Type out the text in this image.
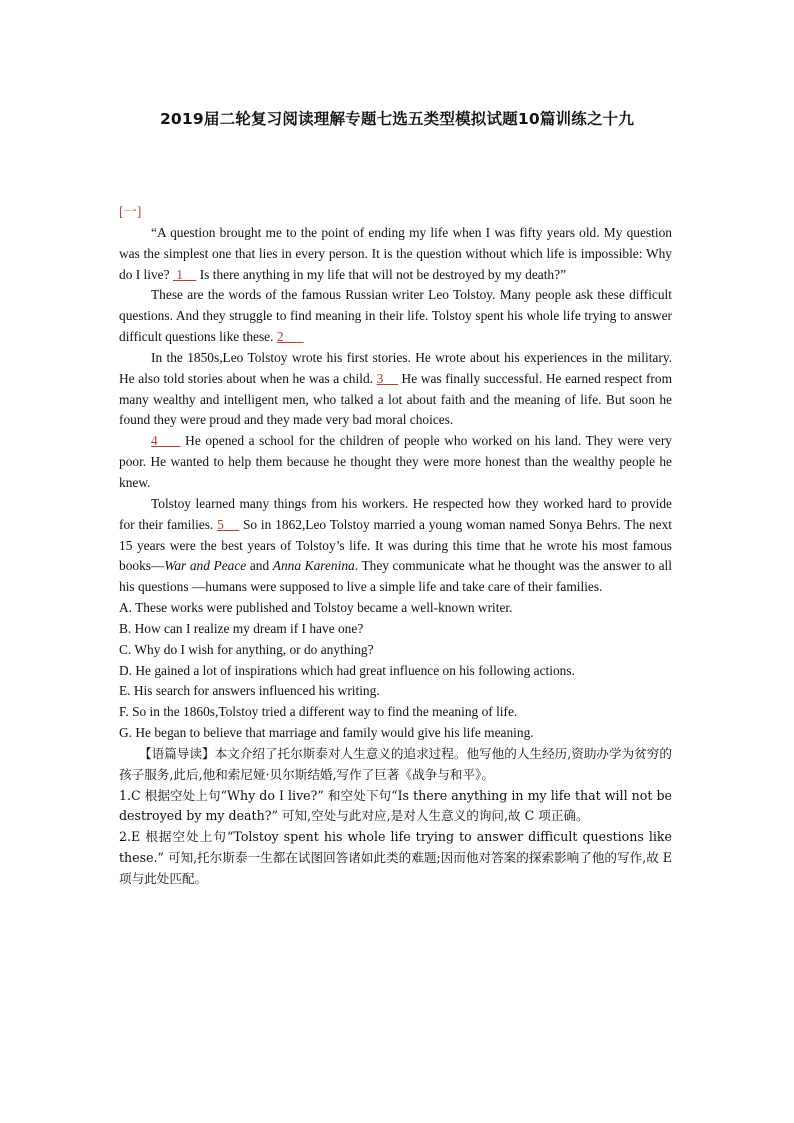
2019届二轮复习阅读理解专题七选五类型模拟试题10篇训练之十九
[一]

“A question brought me to the point of ending my life when I was fifty years old. My question was the simplest one that lies in every person. It is the question without which life is impossible: Why do I live?  1     Is there anything in my life that will not be destroyed by my death?”

These are the words of the famous Russian writer Leo Tolstoy. Many people ask these difficult questions. And they struggle to find meaning in their life. Tolstoy spent his whole life trying to answer difficult questions like these. 2

In the 1850s,Leo Tolstoy wrote his first stories. He wrote about his experiences in the military. He also told stories about when he was a child. 3     He was finally successful. He earned respect from many wealthy and intelligent men, who talked a lot about faith and the meaning of life. But soon he found they were proud and they made very bad moral choices.

4      He opened a school for the children of people who worked on his land. They were very poor. He wanted to help them because he thought they were more honest than the wealthy people he knew.

Tolstoy learned many things from his workers. He respected how they worked hard to provide for their families. 5     So in 1862,Leo Tolstoy married a young woman named Sonya Behrs. The next 15 years were the best years of Tolstoy’s life. It was during this time that he wrote his most famous books—War and Peace and Anna Karenina. They communicate what he thought was the answer to all his questions —humans were supposed to live a simple life and take care of their families.

A. These works were published and Tolstoy became a well-known writer.

B. How can I realize my dream if I have one?

C. Why do I wish for anything, or do anything?

D. He gained a lot of inspirations which had great influence on his following actions.

E. His search for answers influenced his writing.

F. So in the 1860s,Tolstoy tried a different way to find the meaning of life.

G. He began to believe that marriage and family would give his life meaning.

【语篇导读】本文介绍了托尔斯泰对人生意义的追求过程。他写他的人生经历,资助办学为贫穷的孩子服务,此后,他和索尼娅·贝尔斯结婚,写作了巨著《战争与和平》。

1.C 根据空处上句“Why do I live?” 和空处下句“Is there anything in my life that will not be destroyed by my death?” 可知,空处与此对应,是对人生意义的询问,故 C 项正确。

2.E 根据空处上句“Tolstoy spent his whole life trying to answer difficult questions like these.” 可知,托尔斯泰一生都在试图回答诸如此类的难题;因而他对答案的探索影响了他的写作,故 E 项与此处匹配。
